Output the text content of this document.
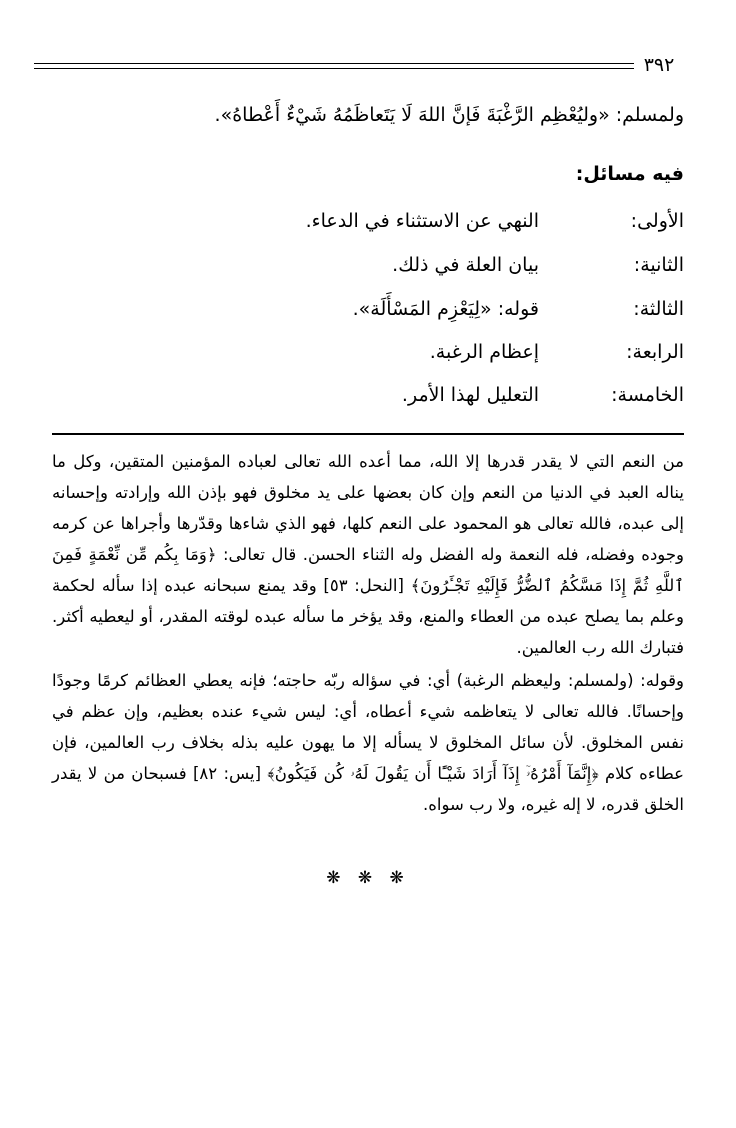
٣٩٢
ولمسلم: «وليُعْظِم الرَّغْبَةَ فَإنَّ اللهَ لَا يَتَعاظَمُهُ شَيْءٌ أَعْطاهُ».
فيه مسائل:
الأولى:
النهي عن الاستثناء في الدعاء.
الثانية:
بيان العلة في ذلك.
الثالثة:
قوله: «لِيَعْزِم المَسْأَلَة».
الرابعة:
إعظام الرغبة.
الخامسة:
التعليل لهذا الأمر.
من النعم التي لا يقدر قدرها إلا الله، مما أعده الله تعالى لعباده المؤمنين المتقين، وكل ما يناله العبد في الدنيا من النعم وإن كان بعضها على يد مخلوق فهو بإذن الله وإرادته وإحسانه إلى عبده، فالله تعالى هو المحمود على النعم كلها، فهو الذي شاءها وقدّرها وأجراها عن كرمه وجوده وفضله، فله النعمة وله الفضل وله الثناء الحسن. قال تعالى: ﴿وَمَا بِكُم مِّن نِّعْمَةٍ فَمِنَ ٱللَّهِ ثُمَّ إِذَا مَسَّكُمُ ٱلضُّرُّ فَإِلَيْهِ تَجْـَٔرُونَ﴾ [النحل: ٥٣] وقد يمنع سبحانه عبده إذا سأله لحكمة وعلم بما يصلح عبده من العطاء والمنع، وقد يؤخر ما سأله عبده لوقته المقدر، أو ليعطيه أكثر. فتبارك الله رب العالمين.
وقوله: (ولمسلم: وليعظم الرغبة) أي: في سؤاله ربّه حاجته؛ فإنه يعطي العظائم كرمًا وجودًا وإحسانًا. فالله تعالى لا يتعاظمه شيء أعطاه، أي: ليس شيء عنده بعظيم، وإن عظم في نفس المخلوق. لأن سائل المخلوق لا يسأله إلا ما يهون عليه بذله بخلاف رب العالمين، فإن عطاءه كلام ﴿إِنَّمَآ أَمْرُهُۥٓ إِذَآ أَرَادَ شَيْـًٔا أَن يَقُولَ لَهُۥ كُن فَيَكُونُ﴾ [يس: ٨٢] فسبحان من لا يقدر الخلق قدره، لا إله غيره، ولا رب سواه.
❋ ❋ ❋
